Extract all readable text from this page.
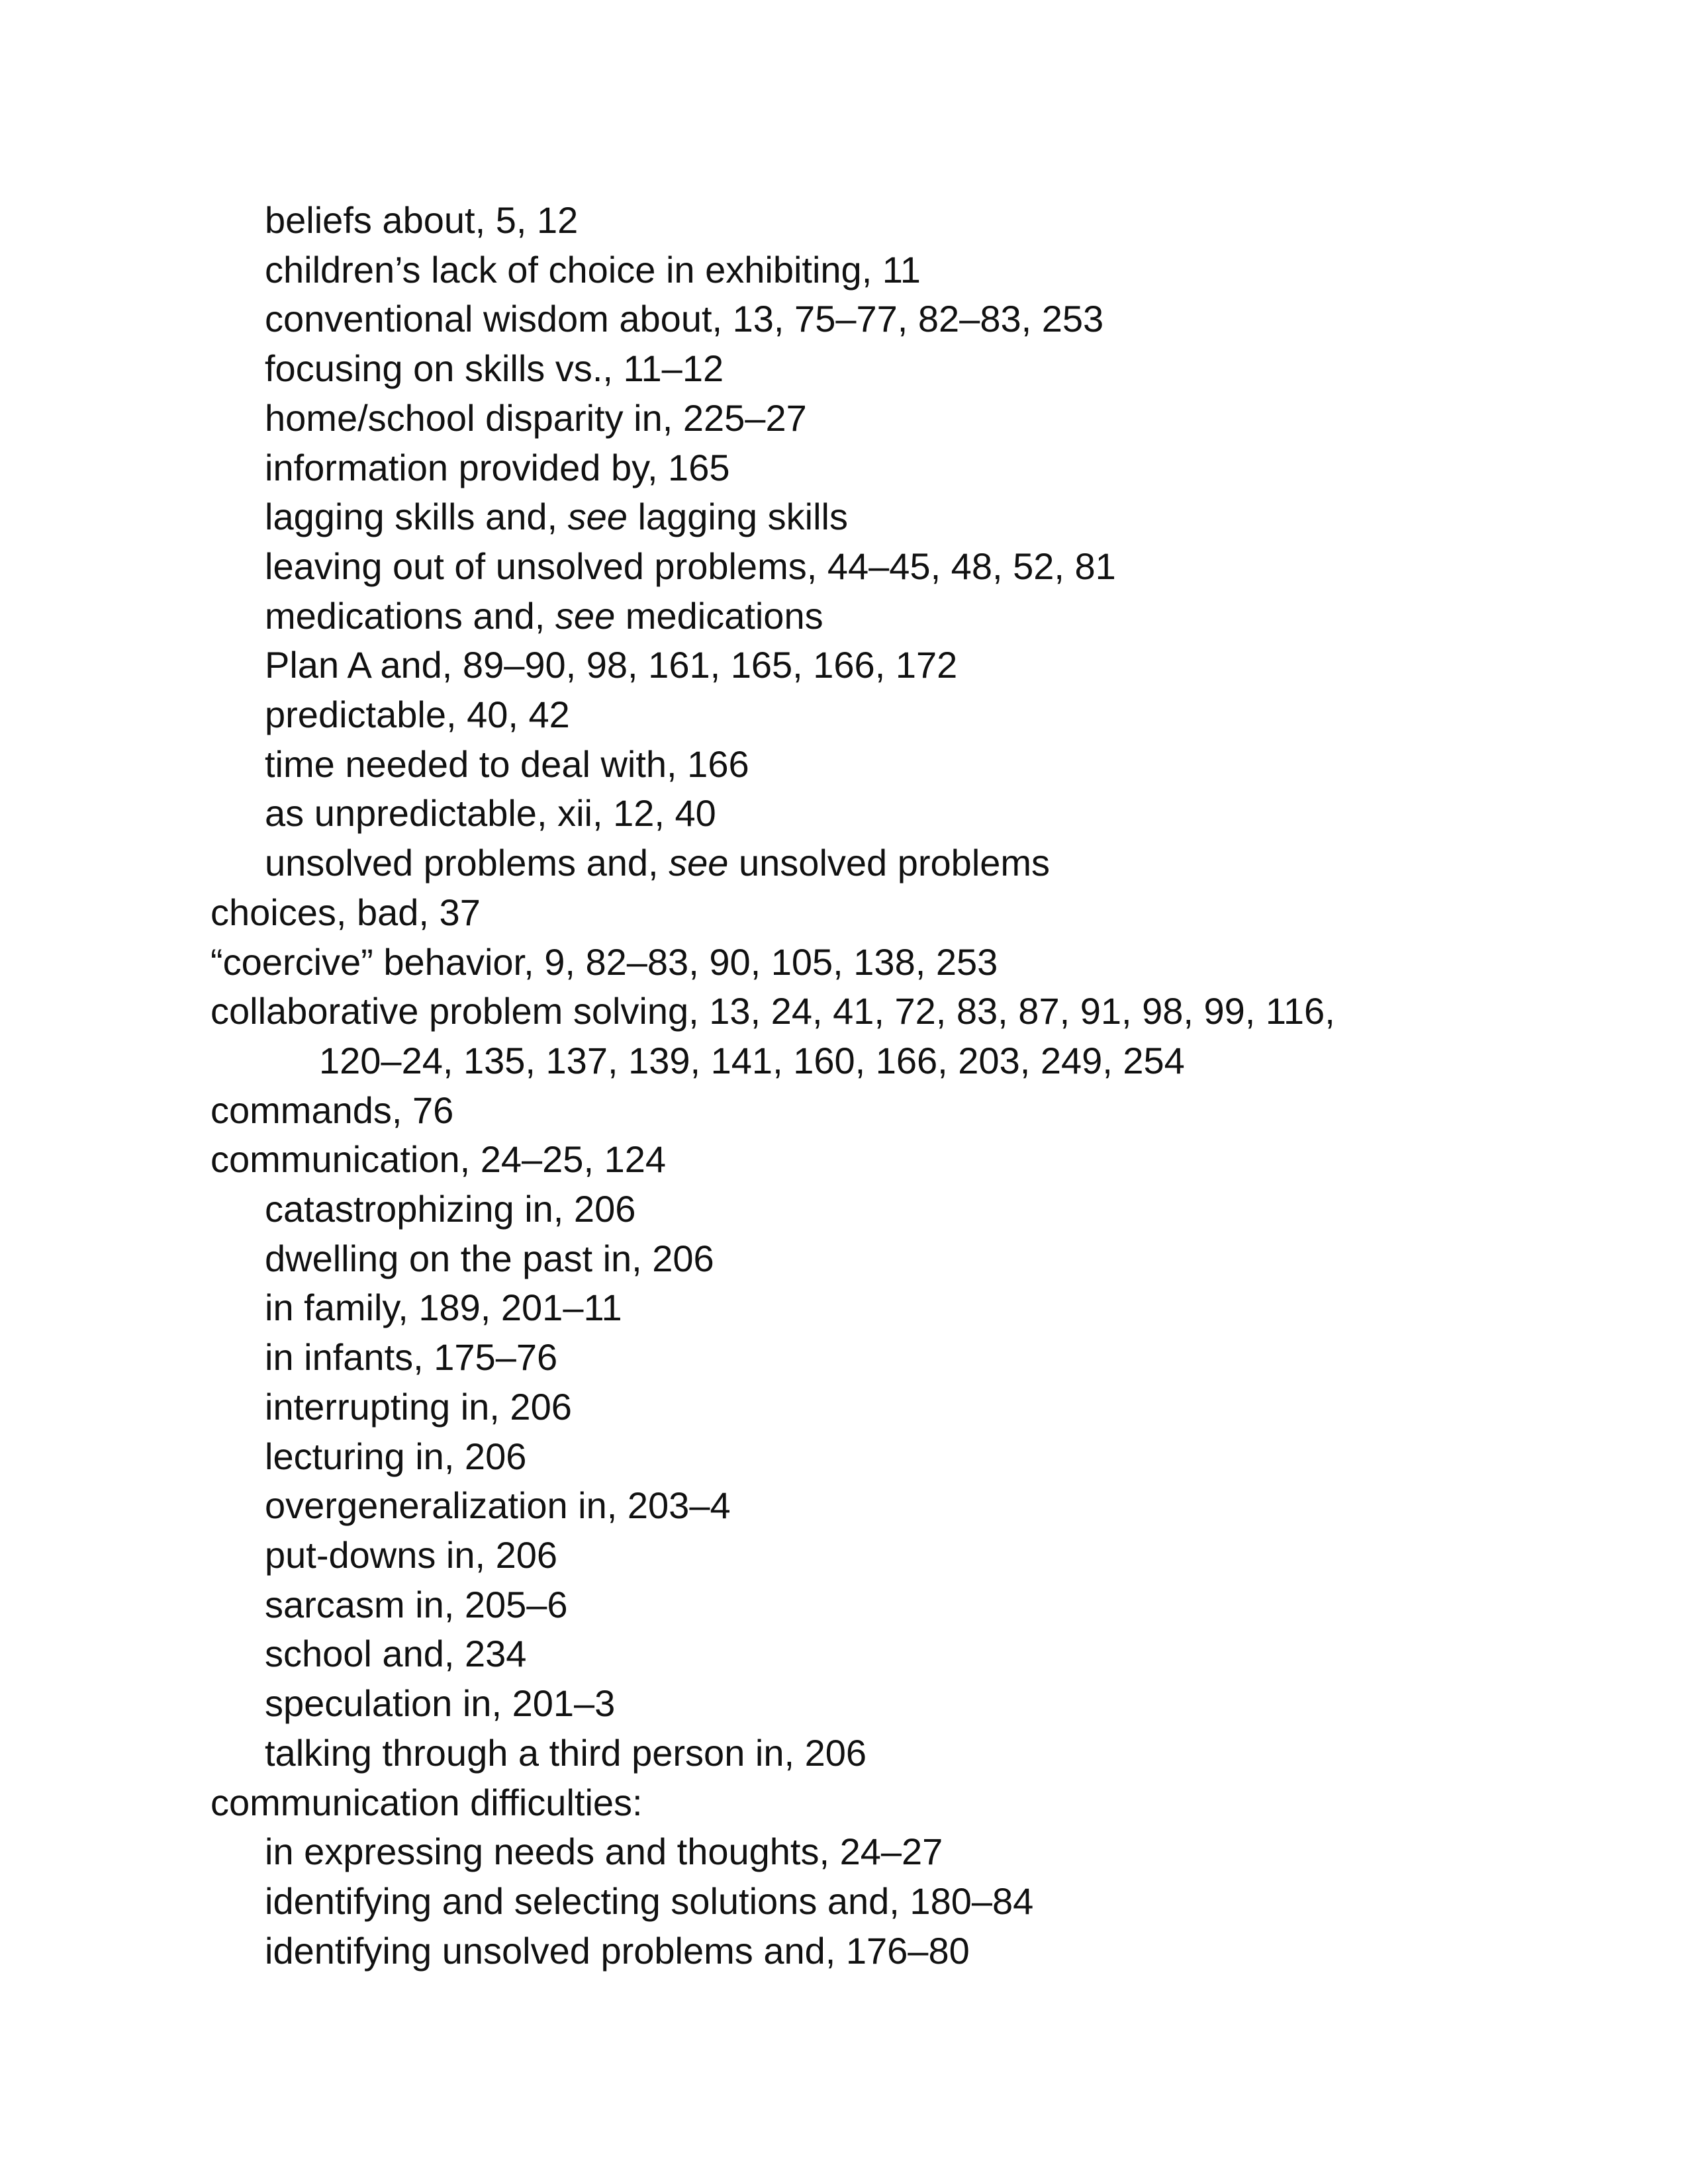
beliefs about, 5, 12
children’s lack of choice in exhibiting, 11
conventional wisdom about, 13, 75–77, 82–83, 253
focusing on skills vs., 11–12
home/school disparity in, 225–27
information provided by, 165
lagging skills and, see lagging skills
leaving out of unsolved problems, 44–45, 48, 52, 81
medications and, see medications
Plan A and, 89–90, 98, 161, 165, 166, 172
predictable, 40, 42
time needed to deal with, 166
as unpredictable, xii, 12, 40
unsolved problems and, see unsolved problems
choices, bad, 37
“coercive” behavior, 9, 82–83, 90, 105, 138, 253
collaborative problem solving, 13, 24, 41, 72, 83, 87, 91, 98, 99, 116,
120–24, 135, 137, 139, 141, 160, 166, 203, 249, 254
commands, 76
communication, 24–25, 124
catastrophizing in, 206
dwelling on the past in, 206
in family, 189, 201–11
in infants, 175–76
interrupting in, 206
lecturing in, 206
overgeneralization in, 203–4
put-downs in, 206
sarcasm in, 205–6
school and, 234
speculation in, 201–3
talking through a third person in, 206
communication difficulties:
in expressing needs and thoughts, 24–27
identifying and selecting solutions and, 180–84
identifying unsolved problems and, 176–80
